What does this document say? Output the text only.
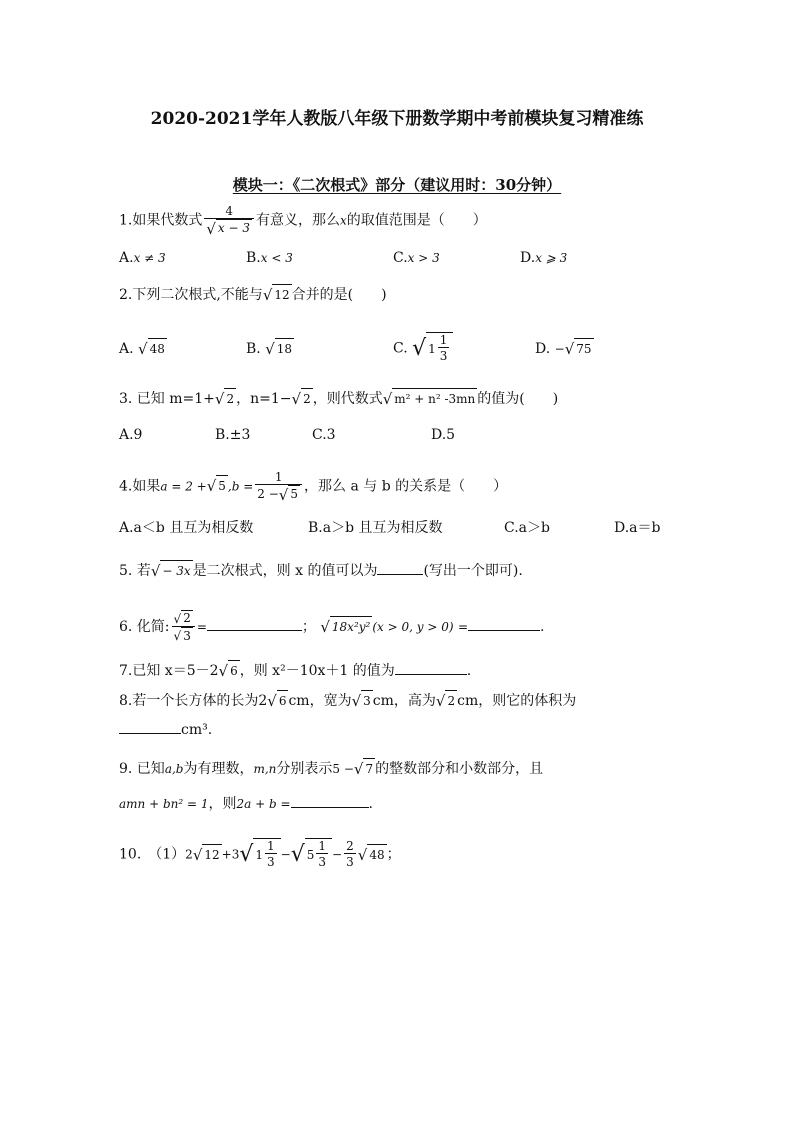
2020-2021学年人教版八年级下册数学期中考前模块复习精准练
模块一：《二次根式》部分（建议用时：30分钟）
1.如果代数式 $\frac{4}{√ x - 3}$ 有意义，那么x的取值范围是（　　）
A.x ≠ 3	B.x < 3	C.x > 3	D.x ⩾ 3
2.下列二次根式,不能与√ 12 合并的是(　　)
A. √ 48	B. √ 18	C. √ $1 \frac{1}{3}$	D. −√ 75
3. 已知 m=1+√ 2 ，n=1−√ 2 ，则代数式√ m² + n² -3mn 的值为(　　)
A.9	B.±3	C.3	D.5
4.如果a = 2 +√ 5 $,b = \frac{1}{2 -√ 5}$ ，那么 a 与 b 的关系是（　　）
A.a＜b 且互为相反数	B.a＞b 且互为相反数	C.a＞b	D.a＝b
5. 若√ − 3x 是二次根式，则 x 的值可以为	(写出一个即可).
6. 化简: $\frac{√ 2}{√ 3}$ =	； √ 18x²y² (x > 0, y > 0) =	.
7.已知 x＝5－2√ 6 ，则 x²－10x＋1 的值为	.
8.若一个长方体的长为2√ 6 cm，宽为√ 3 cm，高为√ 2 cm，则它的体积为
cm³.
9. 已知a,b为有理数，m,n分别表示5 −√ 7 的整数部分和小数部分，且
amn + bn² = 1，则2a + b =	.
10.　（1）2√ 12 +3√ $1 \frac{1}{3}$ −√ $5 \frac{1}{3} - \frac{2}{3}$ √ 48 ；
